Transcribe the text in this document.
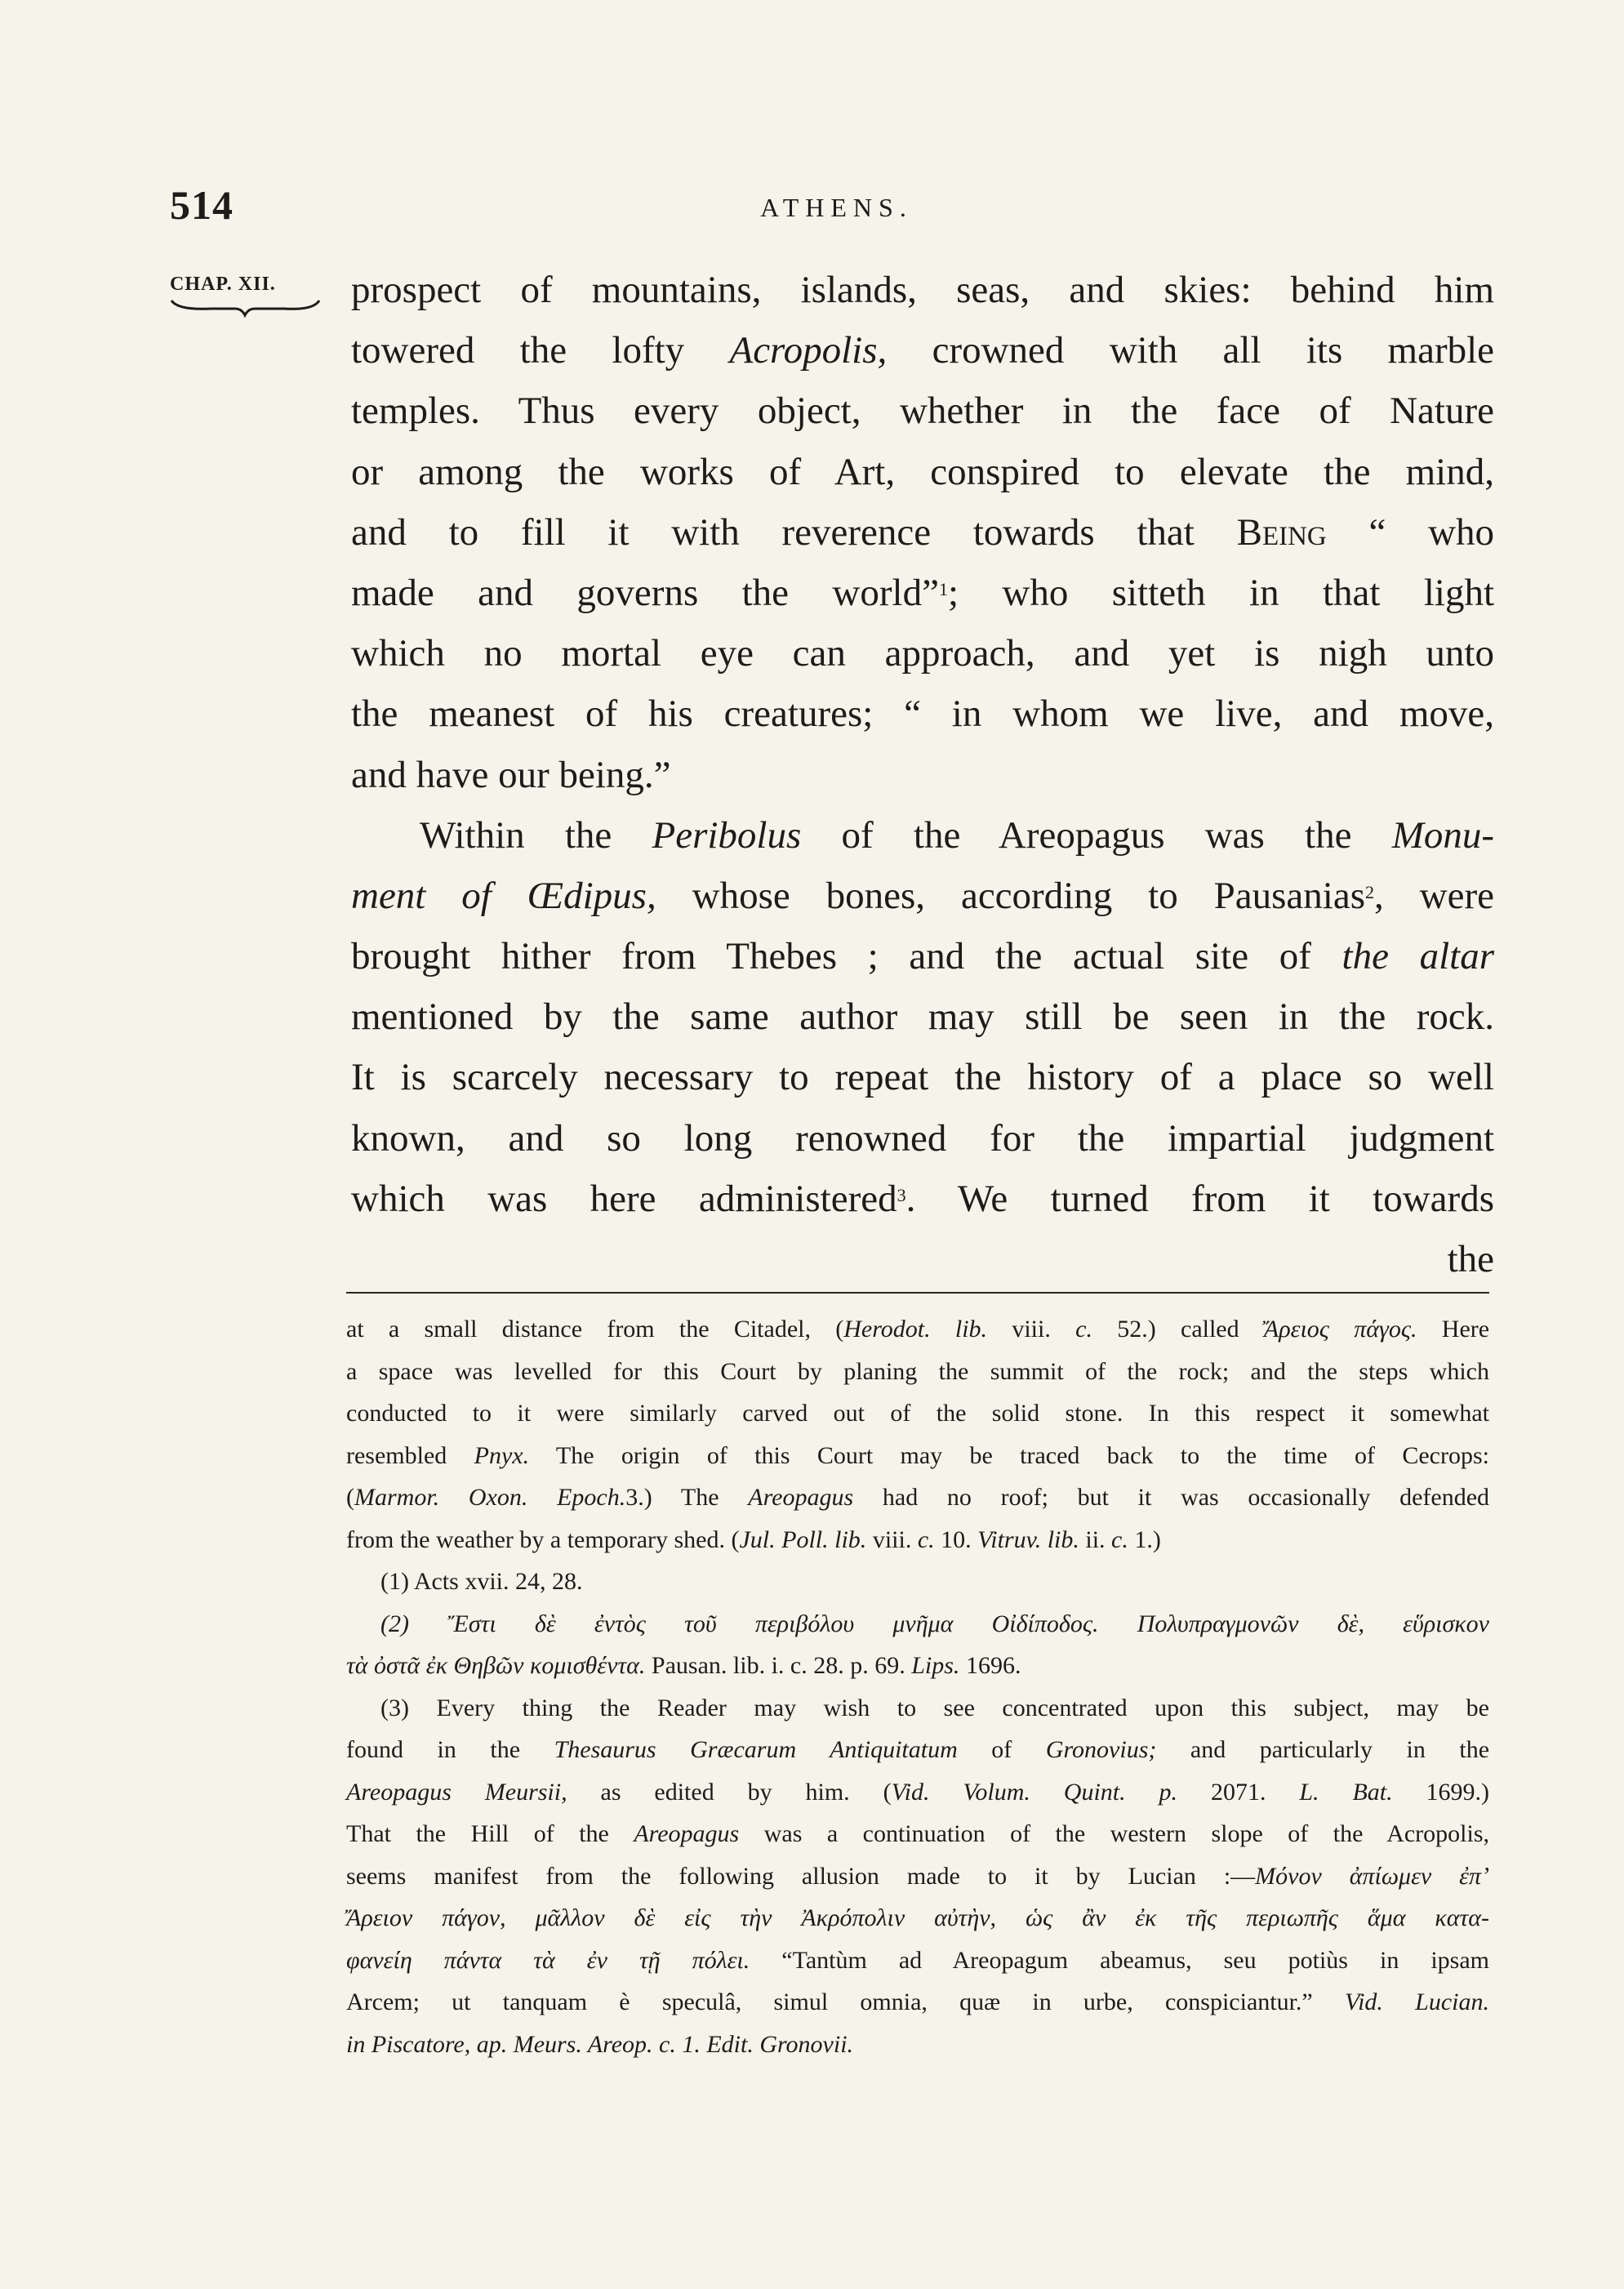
514	ATHENS.
CHAP. XII.	prospect of mountains, islands, seas, and skies: behind him
towered the lofty Acropolis, crowned with all its marble
temples. Thus every object, whether in the face of Nature
or among the works of Art, conspired to elevate the mind,
and to fill it with reverence towards that Being “ who
made and governs the world”$^1$; who sitteth in that light
which no mortal eye can approach, and yet is nigh unto
the meanest of his creatures; “ in whom we live, and move,
and have our being.”
Within the Peribolus of the Areopagus was the Monu-
ment of Œdipus, whose bones, according to Pausanias$^2$, were
brought hither from Thebes ; and the actual site of the altar
mentioned by the same author may still be seen in the rock.
It is scarcely necessary to repeat the history of a place so well
known, and so long renowned for the impartial judgment
which was here administered$^3$. We turned from it towards
the
at a small distance from the Citadel, (Herodot. lib. viii. c. 52.) called Ἄρειος πάγος. Here
a space was levelled for this Court by planing the summit of the rock; and the steps which
conducted to it were similarly carved out of the solid stone. In this respect it somewhat
resembled Pnyx. The origin of this Court may be traced back to the time of Cecrops:
(Marmor. Oxon. Epoch.3.) The Areopagus had no roof; but it was occasionally defended
from the weather by a temporary shed. (Jul. Poll. lib. viii. c. 10. Vitruv. lib. ii. c. 1.)
(1) Acts xvii. 24, 28.
(2) Ἔστι δὲ ἐντὸς τοῦ περιβόλου μνῆμα Οἰδίποδος. Πολυπραγμονῶν δὲ, εὕρισκον
τὰ ὀστᾶ ἐκ Θηβῶν κομισθέντα. Pausan. lib. i. c. 28. p. 69. Lips. 1696.
(3) Every thing the Reader may wish to see concentrated upon this subject, may be
found in the Thesaurus Græcarum Antiquitatum of Gronovius; and particularly in the
Areopagus Meursii, as edited by him. (Vid. Volum. Quint. p. 2071. L. Bat. 1699.)
That the Hill of the Areopagus was a continuation of the western slope of the Acropolis,
seems manifest from the following allusion made to it by Lucian :—Μόνον ἀπίωμεν ἐπʼ
Ἄρειον πάγον, μᾶλλον δὲ εἰς τὴν Ἀκρόπολιν αὐτὴν, ὡς ἂν ἐκ τῆς περιωπῆς ἅμα κατα-
φανείη πάντα τὰ ἐν τῇ πόλει. “Tantùm ad Areopagum abeamus, seu potiùs in ipsam
Arcem; ut tanquam è speculâ, simul omnia, quæ in urbe, conspiciantur.” Vid. Lucian.
in Piscatore, ap. Meurs. Areop. c. 1. Edit. Gronovii.
